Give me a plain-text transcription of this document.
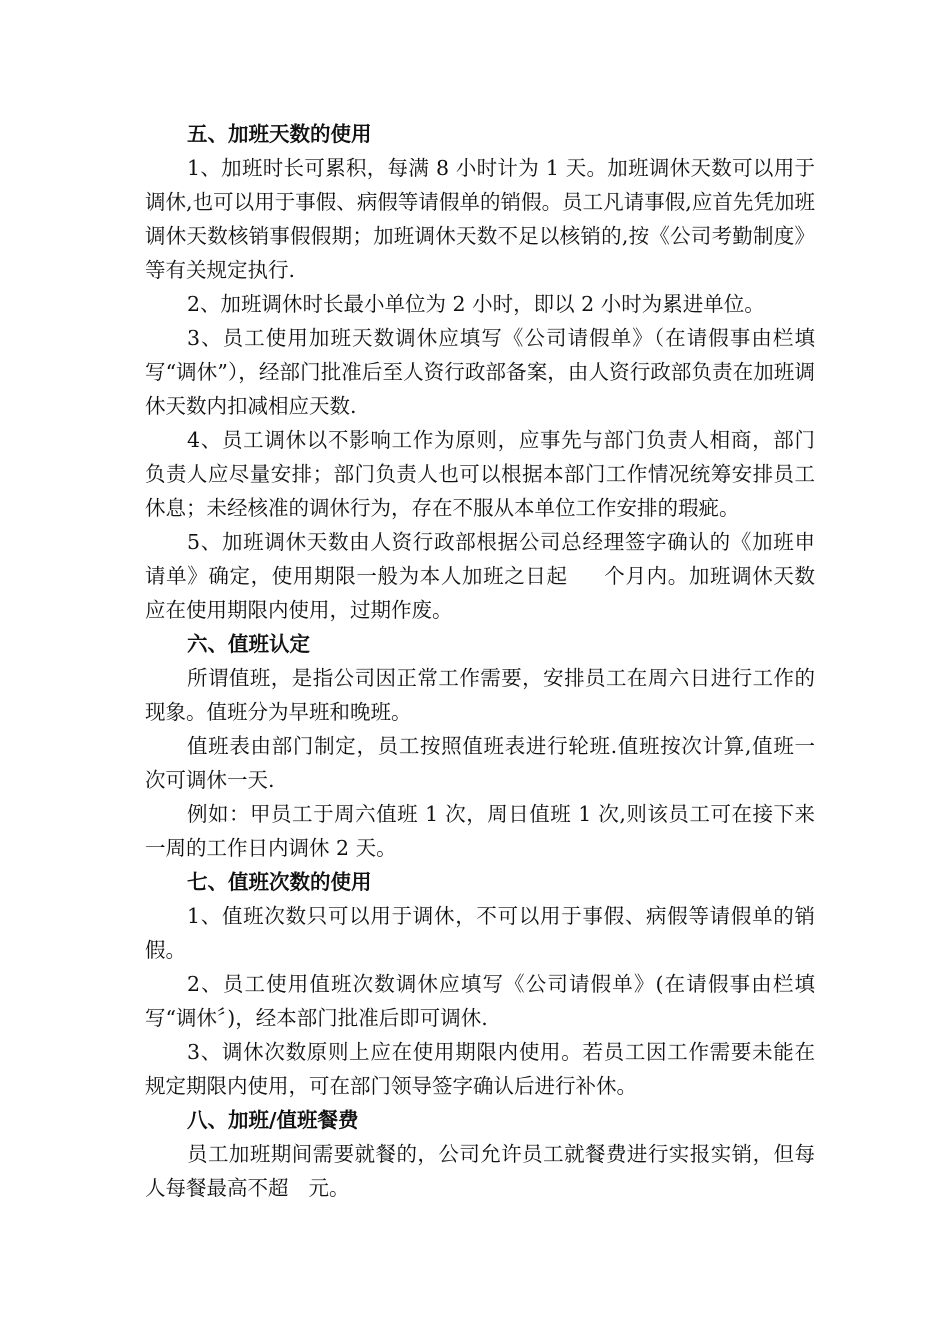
五、加班天数的使用

1、加班时长可累积，每满 8 小时计为 1 天。加班调休天数可以用于调休,也可以用于事假、病假等请假单的销假。员工凡请事假,应首先凭加班调休天数核销事假假期；加班调休天数不足以核销的,按《公司考勤制度》等有关规定执行.

2、加班调休时长最小单位为 2 小时，即以 2 小时为累进单位。

3、员工使用加班天数调休应填写《公司请假单》（在请假事由栏填写“调休”），经部门批准后至人资行政部备案，由人资行政部负责在加班调休天数内扣减相应天数.

4、员工调休以不影响工作为原则，应事先与部门负责人相商，部门负责人应尽量安排；部门负责人也可以根据本部门工作情况统筹安排员工休息；未经核准的调休行为，存在不服从本单位工作安排的瑕疵。

5、加班调休天数由人资行政部根据公司总经理签字确认的《加班申请单》确定，使用期限一般为本人加班之日起 个月内。加班调休天数应在使用期限内使用，过期作废。

六、值班认定

所谓值班，是指公司因正常工作需要，安排员工在周六日进行工作的现象。值班分为早班和晚班。

值班表由部门制定，员工按照值班表进行轮班.值班按次计算,值班一次可调休一天.

例如：甲员工于周六值班 1 次，周日值班 1 次,则该员工可在接下来一周的工作日内调休 2 天。

七、值班次数的使用

1、值班次数只可以用于调休，不可以用于事假、病假等请假单的销假。

2、员工使用值班次数调休应填写《公司请假单》(在请假事由栏填写“调休〞)，经本部门批准后即可调休.

3、调休次数原则上应在使用期限内使用。若员工因工作需要未能在规定期限内使用，可在部门领导签字确认后进行补休。

八、加班/值班餐费

员工加班期间需要就餐的，公司允许员工就餐费进行实报实销，但每人每餐最高不超 元。
